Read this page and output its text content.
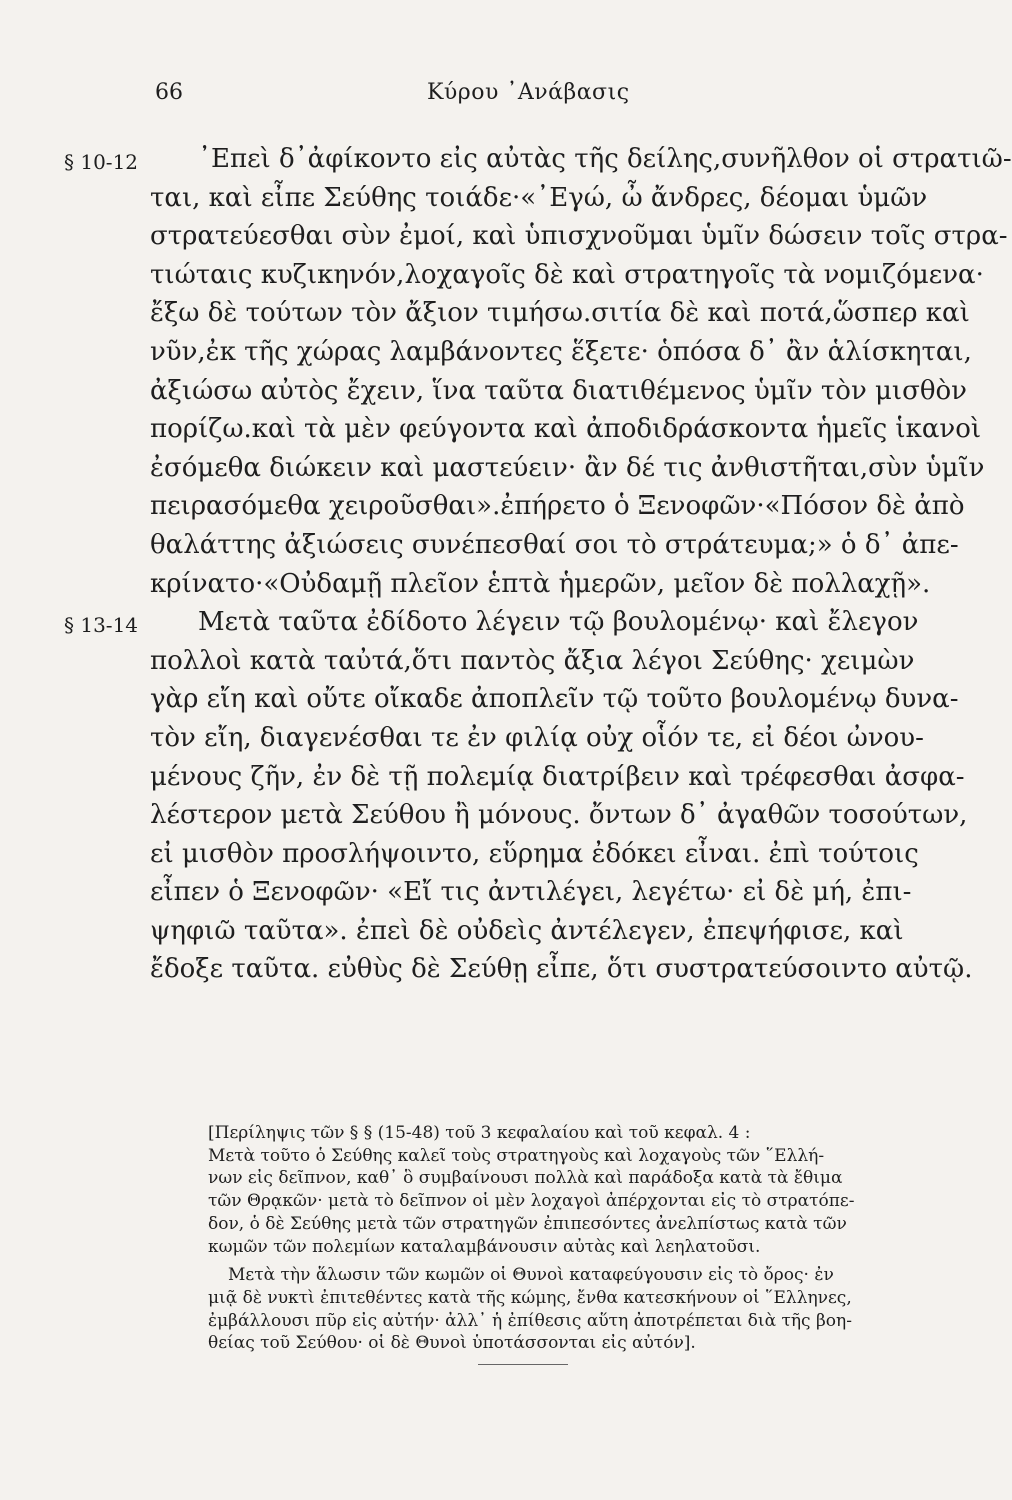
66	Κύρου ᾿Ανάβασις
§ 10-12	᾿Επεὶ δ᾿ἀφίκοντο εἰς αὐτὰς τῆς δείλης,συνῆλθον οἱ στρατιῶ-
ται, καὶ εἶπε Σεύθης τοιάδε·«᾿Εγώ, ὦ ἄνδρες, δέομαι ὑμῶν
στρατεύεσθαι σὺν ἐμοί, καὶ ὑπισχνοῦμαι ὑμῖν δώσειν τοῖς στρα-
τιώταις κυζικηνόν,λοχαγοῖς δὲ καὶ στρατηγοῖς τὰ νομιζόμενα·
ἔξω δὲ τούτων τὸν ἄξιον τιμήσω.σιτία δὲ καὶ ποτά,ὥσπερ καὶ
νῦν,ἐκ τῆς χώρας λαμβάνοντες ἕξετε· ὁπόσα δ᾿ ἂν ἁλίσκηται,
ἀξιώσω αὐτὸς ἔχειν, ἵνα ταῦτα διατιθέμενος ὑμῖν τὸν μισθὸν
πορίζω.καὶ τὰ μὲν φεύγοντα καὶ ἀποδιδράσκοντα ἡμεῖς ἱκανοὶ
ἐσόμεθα διώκειν καὶ μαστεύειν· ἂν δέ τις ἀνθιστῆται,σὺν ὑμῖν
πειρασόμεθα χειροῦσθαι».ἐπήρετο ὁ Ξενοφῶν·«Πόσον δὲ ἀπὸ
θαλάττης ἀξιώσεις συνέπεσθαί σοι τὸ στράτευμα;» ὁ δ᾿ ἀπε-
κρίνατο·«Οὐδαμῇ πλεῖον ἑπτὰ ἡμερῶν, μεῖον δὲ πολλαχῇ».
§ 13-14	Μετὰ ταῦτα ἐδίδοτο λέγειν τῷ βουλομένῳ· καὶ ἔλεγον
πολλοὶ κατὰ ταὐτά,ὅτι παντὸς ἄξια λέγοι Σεύθης· χειμὼν
γὰρ εἴη καὶ οὔτε οἴκαδε ἀποπλεῖν τῷ τοῦτο βουλομένῳ δυνα-
τὸν εἴη, διαγενέσθαι τε ἐν φιλίᾳ οὐχ οἷόν τε, εἰ δέοι ὠνου-
μένους ζῆν, ἐν δὲ τῇ πολεμίᾳ διατρίβειν καὶ τρέφεσθαι ἀσφα-
λέστερον μετὰ Σεύθου ἢ μόνους. ὄντων δ᾿ ἀγαθῶν τοσούτων,
εἰ μισθὸν προσλήψοιντο, εὕρημα ἐδόκει εἶναι. ἐπὶ τούτοις
εἶπεν ὁ Ξενοφῶν· «Εἴ τις ἀντιλέγει, λεγέτω· εἰ δὲ μή, ἐπι-
ψηφιῶ ταῦτα». ἐπεὶ δὲ οὐδεὶς ἀντέλεγεν, ἐπεψήφισε, καὶ
ἔδοξε ταῦτα. εὐθὺς δὲ Σεύθῃ εἶπε, ὅτι συστρατεύσοιντο αὐτῷ.
[Περίληψις τῶν § § (15-48) τοῦ 3 κεφαλαίου καὶ τοῦ κεφαλ. 4 :
Μετὰ τοῦτο ὁ Σεύθης καλεῖ τοὺς στρατηγοὺς καὶ λοχαγοὺς τῶν ῞Ελλή-
νων εἰς δεῖπνον, καθ᾿ ὃ συμβαίνουσι πολλὰ καὶ παράδοξα κατὰ τὰ ἔθιμα
τῶν Θρᾳκῶν· μετὰ τὸ δεῖπνον οἱ μὲν λοχαγοὶ ἀπέρχονται εἰς τὸ στρατόπε-
δον, ὁ δὲ Σεύθης μετὰ τῶν στρατηγῶν ἐπιπεσόντες ἀνελπίστως κατὰ τῶν
κωμῶν τῶν πολεμίων καταλαμβάνουσιν αὐτὰς καὶ λεηλατοῦσι.
Μετὰ τὴν ἅλωσιν τῶν κωμῶν οἱ Θυνοὶ καταφεύγουσιν εἰς τὸ ὄρος· ἐν
μιᾷ δὲ νυκτὶ ἐπιτεθέντες κατὰ τῆς κώμης, ἔνθα κατεσκήνουν οἱ ῞Ελληνες,
ἐμβάλλουσι πῦρ εἰς αὐτήν· ἀλλ᾿ ἡ ἐπίθεσις αὕτη ἀποτρέπεται διὰ τῆς βοη-
θείας τοῦ Σεύθου· οἱ δὲ Θυνοὶ ὑποτάσσονται εἰς αὐτόν].
